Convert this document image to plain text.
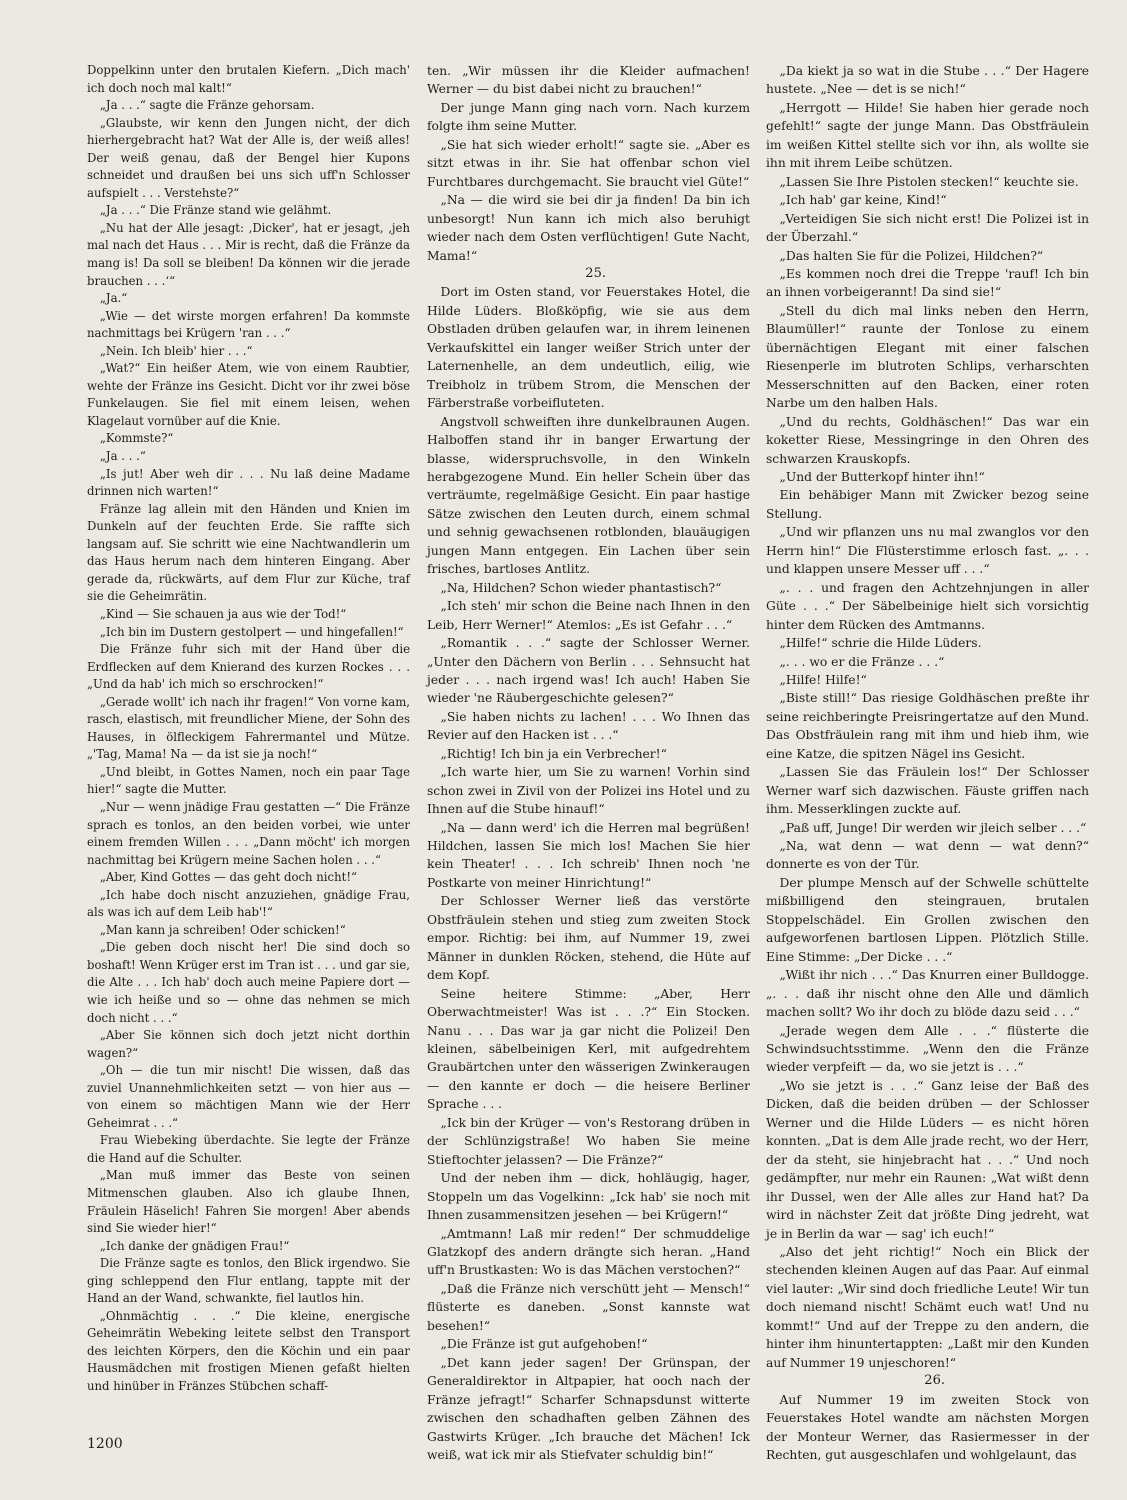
Doppelkinn unter den brutalen Kiefern. „Dich mach' ich doch noch mal kalt!“

„Ja . . .“ sagte die Fränze gehorsam.

„Glaubste, wir kenn den Jungen nicht, der dich hierhergebracht hat? Wat der Alle is, der weiß alles! Der weiß genau, daß der Bengel hier Kupons schneidet und draußen bei uns sich uff'n Schlosser aufspielt . . . Verstehste?“

„Ja . . .“ Die Fränze stand wie gelähmt.

„Nu hat der Alle jesagt: ‚Dicker', hat er jesagt, ‚jeh mal nach det Haus . . . Mir is recht, daß die Fränze da mang is! Da soll se bleiben! Da können wir die jerade brauchen . . .‘“

„Ja.“

„Wie — det wirste morgen erfahren! Da kommste nachmittags bei Krügern 'ran . . .“

„Nein. Ich bleib' hier . . .“

„Wat?“ Ein heißer Atem, wie von einem Raubtier, wehte der Fränze ins Gesicht. Dicht vor ihr zwei böse Funkelaugen. Sie fiel mit einem leisen, wehen Klagelaut vornüber auf die Knie.

„Kommste?“

„Ja . . .“

„Is jut! Aber weh dir . . . Nu laß deine Madame drinnen nich warten!“

Fränze lag allein mit den Händen und Knien im Dunkeln auf der feuchten Erde. Sie raffte sich langsam auf. Sie schritt wie eine Nachtwandlerin um das Haus herum nach dem hinteren Eingang. Aber gerade da, rückwärts, auf dem Flur zur Küche, traf sie die Geheimrätin.

„Kind — Sie schauen ja aus wie der Tod!“

„Ich bin im Dustern gestolpert — und hingefallen!“

Die Fränze fuhr sich mit der Hand über die Erdflecken auf dem Knierand des kurzen Rockes . . . „Und da hab' ich mich so erschrocken!“

„Gerade wollt' ich nach ihr fragen!“ Von vorne kam, rasch, elastisch, mit freundlicher Miene, der Sohn des Hauses, in ölfleckigem Fahrermantel und Mütze. „'Tag, Mama! Na — da ist sie ja noch!“

„Und bleibt, in Gottes Namen, noch ein paar Tage hier!“ sagte die Mutter.

„Nur — wenn jnädige Frau gestatten —“ Die Fränze sprach es tonlos, an den beiden vorbei, wie unter einem fremden Willen . . . „Dann möcht' ich morgen nachmittag bei Krügern meine Sachen holen . . .“

„Aber, Kind Gottes — das geht doch nicht!“

„Ich habe doch nischt anzuziehen, gnädige Frau, als was ich auf dem Leib hab'!“

„Man kann ja schreiben! Oder schicken!“

„Die geben doch nischt her! Die sind doch so boshaft! Wenn Krüger erst im Tran ist . . . und gar sie, die Alte . . . Ich hab' doch auch meine Papiere dort — wie ich heiße und so — ohne das nehmen se mich doch nicht . . .“

„Aber Sie können sich doch jetzt nicht dorthin wagen?“

„Oh — die tun mir nischt! Die wissen, daß das zuviel Unannehmlichkeiten setzt — von hier aus — von einem so mächtigen Mann wie der Herr Geheimrat . . .“

Frau Wiebeking überdachte. Sie legte der Fränze die Hand auf die Schulter.

„Man muß immer das Beste von seinen Mitmenschen glauben. Also ich glaube Ihnen, Fräulein Häselich! Fahren Sie morgen! Aber abends sind Sie wieder hier!“

„Ich danke der gnädigen Frau!“

Die Fränze sagte es tonlos, den Blick irgendwo. Sie ging schleppend den Flur entlang, tappte mit der Hand an der Wand, schwankte, fiel lautlos hin.

„Ohnmächtig . . .“ Die kleine, energische Geheimrätin Webeking leitete selbst den Transport des leichten Körpers, den die Köchin und ein paar Hausmädchen mit frostigen Mienen gefaßt hielten und hinüber in Fränzes Stübchen schaff-

ten. „Wir müssen ihr die Kleider aufmachen! Werner — du bist dabei nicht zu brauchen!“

Der junge Mann ging nach vorn. Nach kurzem folgte ihm seine Mutter.

„Sie hat sich wieder erholt!“ sagte sie. „Aber es sitzt etwas in ihr. Sie hat offenbar schon viel Furchtbares durchgemacht. Sie braucht viel Güte!“

„Na — die wird sie bei dir ja finden! Da bin ich unbesorgt! Nun kann ich mich also beruhigt wieder nach dem Osten verflüchtigen! Gute Nacht, Mama!“

25.

Dort im Osten stand, vor Feuerstakes Hotel, die Hilde Lüders. Bloßköpfig, wie sie aus dem Obstladen drüben gelaufen war, in ihrem leinenen Verkaufskittel ein langer weißer Strich unter der Laternenhelle, an dem undeutlich, eilig, wie Treibholz in trübem Strom, die Menschen der Färberstraße vorbeifluteten.

Angstvoll schweiften ihre dunkelbraunen Augen. Halboffen stand ihr in banger Erwartung der blasse, widerspruchsvolle, in den Winkeln herabgezogene Mund. Ein heller Schein über das verträumte, regelmäßige Gesicht. Ein paar hastige Sätze zwischen den Leuten durch, einem schmal und sehnig gewachsenen rotblonden, blauäugigen jungen Mann entgegen. Ein Lachen über sein frisches, bartloses Antlitz.

„Na, Hildchen? Schon wieder phantastisch?“

„Ich steh' mir schon die Beine nach Ihnen in den Leib, Herr Werner!“ Atemlos: „Es ist Gefahr . . .“

„Romantik . . .“ sagte der Schlosser Werner. „Unter den Dächern von Berlin . . . Sehnsucht hat jeder . . . nach irgend was! Ich auch! Haben Sie wieder 'ne Räubergeschichte gelesen?“

„Sie haben nichts zu lachen! . . . Wo Ihnen das Revier auf den Hacken ist . . .“

„Richtig! Ich bin ja ein Verbrecher!“

„Ich warte hier, um Sie zu warnen! Vorhin sind schon zwei in Zivil von der Polizei ins Hotel und zu Ihnen auf die Stube hinauf!“

„Na — dann werd' ich die Herren mal begrüßen! Hildchen, lassen Sie mich los! Machen Sie hier kein Theater! . . . Ich schreib' Ihnen noch 'ne Postkarte von meiner Hinrichtung!“

Der Schlosser Werner ließ das verstörte Obstfräulein stehen und stieg zum zweiten Stock empor. Richtig: bei ihm, auf Nummer 19, zwei Männer in dunklen Röcken, stehend, die Hüte auf dem Kopf.

Seine heitere Stimme: „Aber, Herr Oberwachtmeister! Was ist . . .?“ Ein Stocken. Nanu . . . Das war ja gar nicht die Polizei! Den kleinen, säbelbeinigen Kerl, mit aufgedrehtem Graubärtchen unter den wässerigen Zwinkeraugen — den kannte er doch — die heisere Berliner Sprache . . .

„Ick bin der Krüger — von's Restorang drüben in der Schlünzigstraße! Wo haben Sie meine Stieftochter jelassen? — Die Fränze?“

Und der neben ihm — dick, hohläugig, hager, Stoppeln um das Vogelkinn: „Ick hab' sie noch mit Ihnen zusammensitzen jesehen — bei Krügern!“

„Amtmann! Laß mir reden!“ Der schmuddelige Glatzkopf des andern drängte sich heran. „Hand uff'n Brustkasten: Wo is das Mächen verstochen?“

„Daß die Fränze nich verschütt jeht — Mensch!“ flüsterte es daneben. „Sonst kannste wat besehen!“

„Die Fränze ist gut aufgehoben!“

„Det kann jeder sagen! Der Grünspan, der Generaldirektor in Altpapier, hat ooch nach der Fränze jefragt!“ Scharfer Schnapsdunst witterte zwischen den schadhaften gelben Zähnen des Gastwirts Krüger. „Ich brauche det Mächen! Ick weiß, wat ick mir als Stiefvater schuldig bin!“

„Da kiekt ja so wat in die Stube . . .“ Der Hagere hustete. „Nee — det is se nich!“

„Herrgott — Hilde! Sie haben hier gerade noch gefehlt!“ sagte der junge Mann. Das Obstfräulein im weißen Kittel stellte sich vor ihn, als wollte sie ihn mit ihrem Leibe schützen.

„Lassen Sie Ihre Pistolen stecken!“ keuchte sie.

„Ich hab' gar keine, Kind!“

„Verteidigen Sie sich nicht erst! Die Polizei ist in der Überzahl.“

„Das halten Sie für die Polizei, Hildchen?“

„Es kommen noch drei die Treppe 'rauf! Ich bin an ihnen vorbeigerannt! Da sind sie!“

„Stell du dich mal links neben den Herrn, Blaumüller!“ raunte der Tonlose zu einem übernächtigen Elegant mit einer falschen Riesenperle im blutroten Schlips, verharschten Messerschnitten auf den Backen, einer roten Narbe um den halben Hals.

„Und du rechts, Goldhäschen!“ Das war ein koketter Riese, Messingringe in den Ohren des schwarzen Krauskopfs.

„Und der Butterkopf hinter ihn!“

Ein behäbiger Mann mit Zwicker bezog seine Stellung.

„Und wir pflanzen uns nu mal zwanglos vor den Herrn hin!“ Die Flüsterstimme erlosch fast. „. . . und klappen unsere Messer uff . . .“

„. . . und fragen den Achtzehnjungen in aller Güte . . .“ Der Säbelbeinige hielt sich vorsichtig hinter dem Rücken des Amtmanns.

„Hilfe!“ schrie die Hilde Lüders.

„. . . wo er die Fränze . . .“

„Hilfe! Hilfe!“

„Biste still!“ Das riesige Goldhäschen preßte ihr seine reichberingte Preisringertatze auf den Mund. Das Obstfräulein rang mit ihm und hieb ihm, wie eine Katze, die spitzen Nägel ins Gesicht.

„Lassen Sie das Fräulein los!“ Der Schlosser Werner warf sich dazwischen. Fäuste griffen nach ihm. Messerklingen zuckte auf.

„Paß uff, Junge! Dir werden wir jleich selber . . .“

„Na, wat denn — wat denn — wat denn?“ donnerte es von der Tür.

Der plumpe Mensch auf der Schwelle schüttelte mißbilligend den steingrauen, brutalen Stoppelschädel. Ein Grollen zwischen den aufgeworfenen bartlosen Lippen. Plötzlich Stille. Eine Stimme: „Der Dicke . . .“

„Wißt ihr nich . . .“ Das Knurren einer Bulldogge. „. . . daß ihr nischt ohne den Alle und dämlich machen sollt? Wo ihr doch zu blöde dazu seid . . .“

„Jerade wegen dem Alle . . .“ flüsterte die Schwindsuchtsstimme. „Wenn den die Fränze wieder verpfeift — da, wo sie jetzt is . . .“

„Wo sie jetzt is . . .“ Ganz leise der Baß des Dicken, daß die beiden drüben — der Schlosser Werner und die Hilde Lüders — es nicht hören konnten. „Dat is dem Alle jrade recht, wo der Herr, der da steht, sie hinjebracht hat . . .“ Und noch gedämpfter, nur mehr ein Raunen: „Wat wißt denn ihr Dussel, wen der Alle alles zur Hand hat? Da wird in nächster Zeit dat jrößte Ding jedreht, wat je in Berlin da war — sag' ich euch!“

„Also det jeht richtig!“ Noch ein Blick der stechenden kleinen Augen auf das Paar. Auf einmal viel lauter: „Wir sind doch friedliche Leute! Wir tun doch niemand nischt! Schämt euch wat! Und nu kommt!“ Und auf der Treppe zu den andern, die hinter ihm hinuntertappten: „Laßt mir den Kunden auf Nummer 19 unjeschoren!“

26.

Auf Nummer 19 im zweiten Stock von Feuerstakes Hotel wandte am nächsten Morgen der Monteur Werner, das Rasiermesser in der Rechten, gut ausgeschlafen und wohlgelaunt, das

1200
